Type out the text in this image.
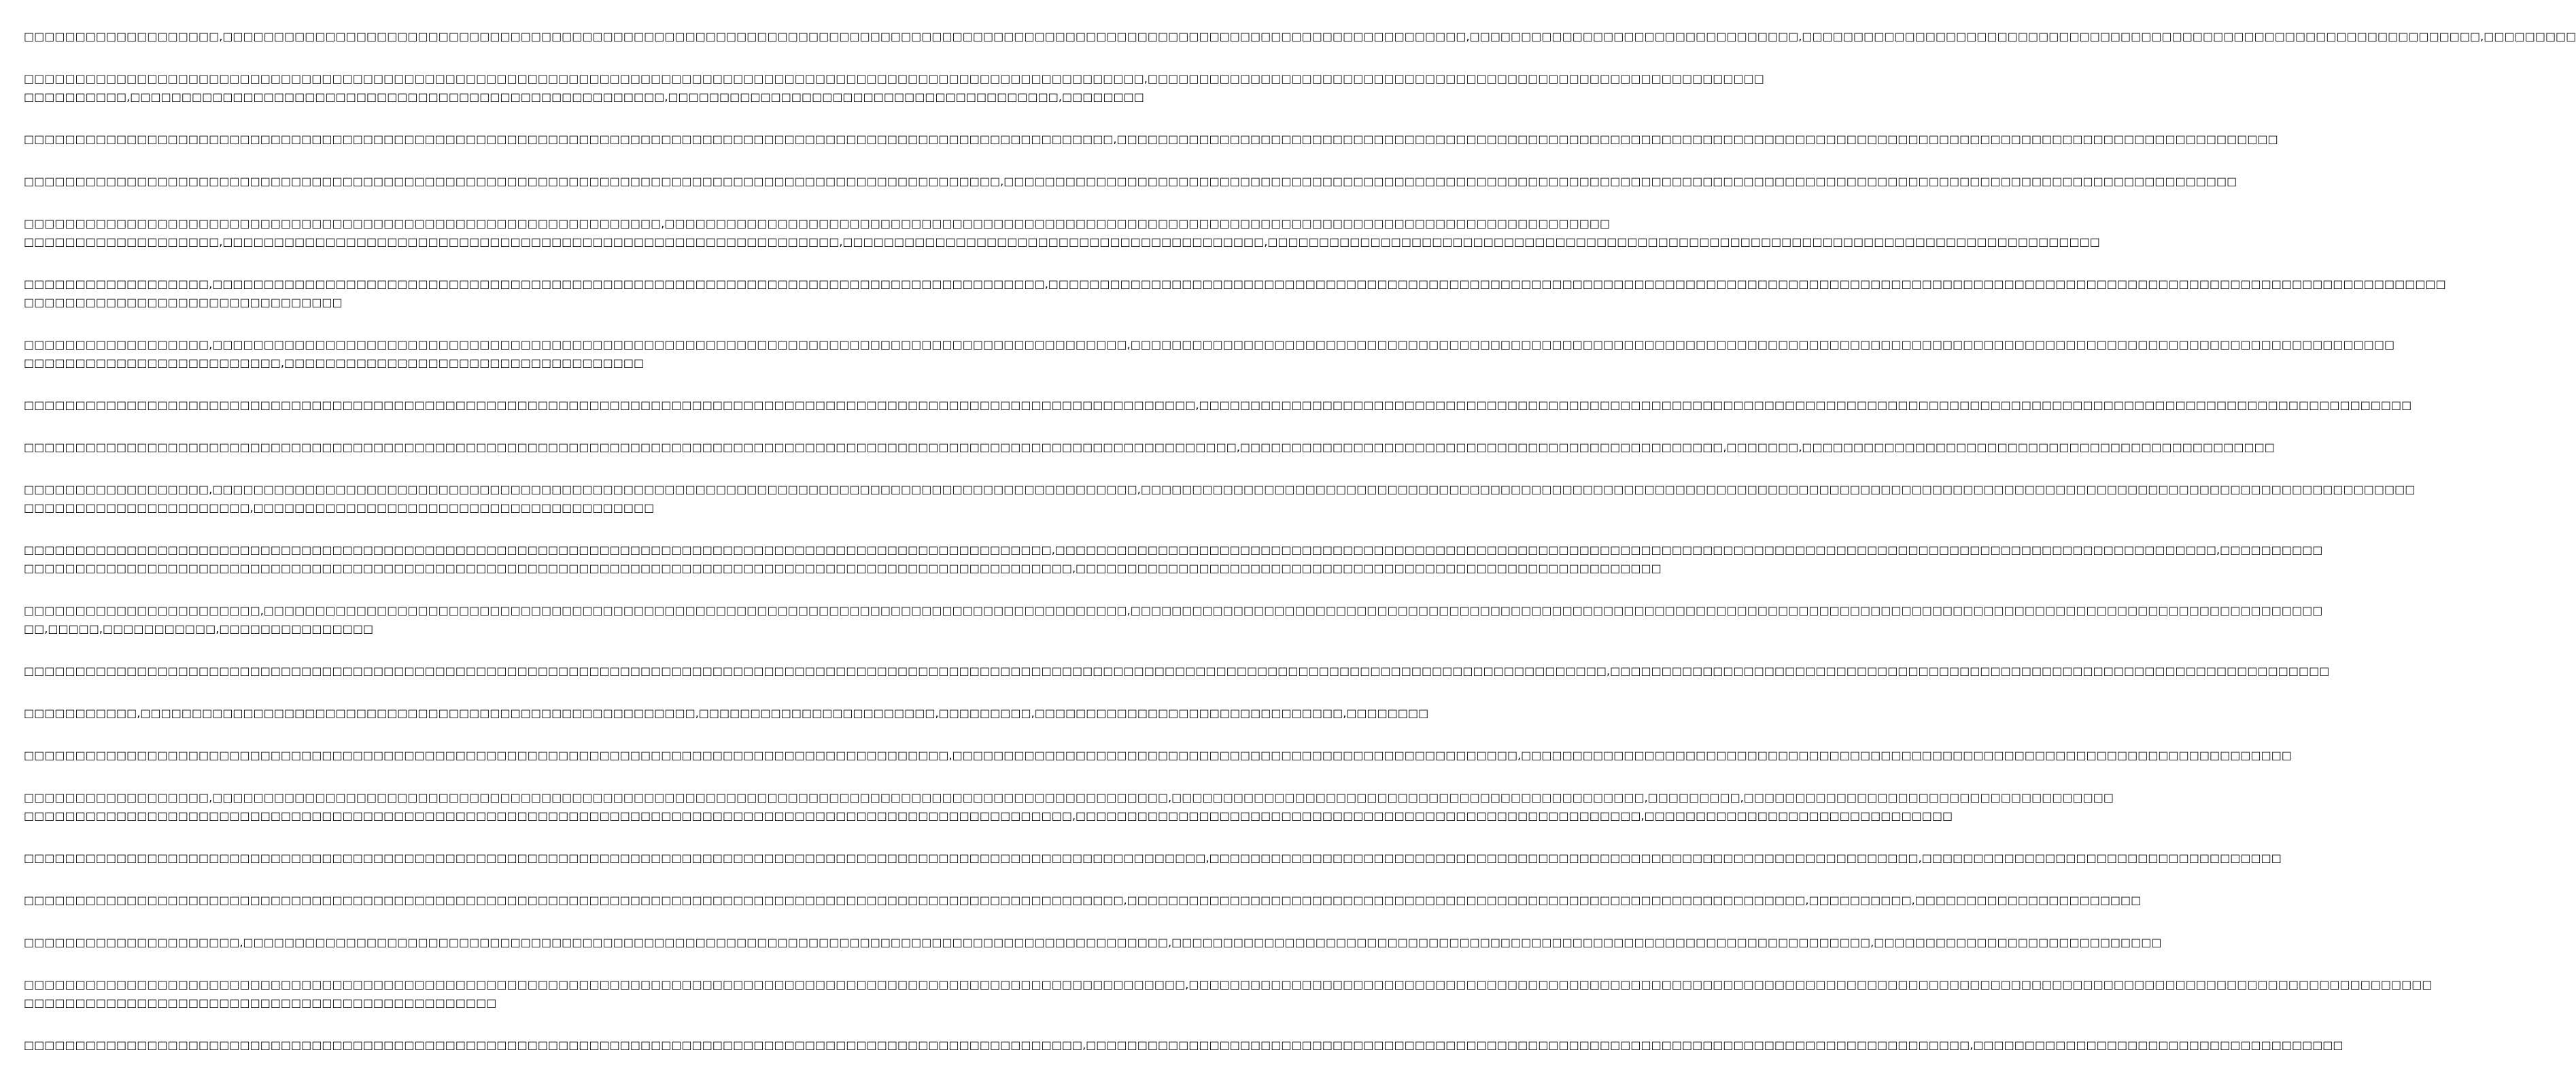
□□□□□□□□□□□□□□□□□□□,□□□□□□□□□□□□□□□□□□□□□□□□□□□□□□□□□□□□□□□□□□□□□□□□□□□□□□□□□□□□□□□□□□□□□□□□□□□□□□□□□□□□□□□□□□□□□□□□□□□□□□□□□□□□□□□□□□□□□□□□□,□□□□□□□□□□□□□□□□□□□□□□□□□□□□□□□□,□□□□□□□□□□□□□□□□□□□□□□□□□□□□□□□□□□□□□□□□□□□□□□□□□□□□□□□□□□□□□□□□□□,□□□□□□□□□

□□□□□□□□□□□□□□□□□□□□□□□□□□□□□□□□□□□□□□□□□□□□□□□□□□□□□□□□□□□□□□□□□□□□□□□□□□□□□□□□□□□□□□□□□□□□□□□□□□□□□□□□□□□□□,□□□□□□□□□□□□□□□□□□□□□□□□□□□□□□□□□□□□□□□□□□□□□□□□□□□□□□□□□□□□
□□□□□□□□□□,□□□□□□□□□□□□□□□□□□□□□□□□□□□□□□□□□□□□□□□□□□□□□□□□□□□□,□□□□□□□□□□□□□□□□□□□□□□□□□□□□□□□□□□□□□□,□□□□□□□□

□□□□□□□□□□□□□□□□□□□□□□□□□□□□□□□□□□□□□□□□□□□□□□□□□□□□□□□□□□□□□□□□□□□□□□□□□□□□□□□□□□□□□□□□□□□□□□□□□□□□□□□□□□,□□□□□□□□□□□□□□□□□□□□□□□□□□□□□□□□□□□□□□□□□□□□□□□□□□□□□□□□□□□□□□□□□□□□□□□□□□□□□□□□□□□□□□□□□□□□□□□□□□□□□□□□□□□□□□□□□

□□□□□□□□□□□□□□□□□□□□□□□□□□□□□□□□□□□□□□□□□□□□□□□□□□□□□□□□□□□□□□□□□□□□□□□□□□□□□□□□□□□□□□□□□□□□□□□,□□□□□□□□□□□□□□□□□□□□□□□□□□□□□□□□□□□□□□□□□□□□□□□□□□□□□□□□□□□□□□□□□□□□□□□□□□□□□□□□□□□□□□□□□□□□□□□□□□□□□□□□□□□□□□□□□□□□□□□□

□□□□□□□□□□□□□□□□□□□□□□□□□□□□□□□□□□□□□□□□□□□□□□□□□□□□□□□□□□□□□□,□□□□□□□□□□□□□□□□□□□□□□□□□□□□□□□□□□□□□□□□□□□□□□□□□□□□□□□□□□□□□□□□□□□□□□□□□□□□□□□□□□□□□□□□□□□□
□□□□□□□□□□□□□□□□□□□,□□□□□□□□□□□□□□□□□□□□□□□□□□□□□□□□□□□□□□□□□□□□□□□□□□□□□□□□□□□□,□□□□□□□□□□□□□□□□□□□□□□□□□□□□□□□□□□□□□□□□□,□□□□□□□□□□□□□□□□□□□□□□□□□□□□□□□□□□□□□□□□□□□□□□□□□□□□□□□□□□□□□□□□□□□□□□□□□□□□□□□□□

□□□□□□□□□□□□□□□□□□,□□□□□□□□□□□□□□□□□□□□□□□□□□□□□□□□□□□□□□□□□□□□□□□□□□□□□□□□□□□□□□□□□□□□□□□□□□□□□□□□□,□□□□□□□□□□□□□□□□□□□□□□□□□□□□□□□□□□□□□□□□□□□□□□□□□□□□□□□□□□□□□□□□□□□□□□□□□□□□□□□□□□□□□□□□□□□□□□□□□□□□□□□□□□□□□□□□□□□□□□□□□□□□□□□□□□□□□□□□
□□□□□□□□□□□□□□□□□□□□□□□□□□□□□□□

□□□□□□□□□□□□□□□□□□,□□□□□□□□□□□□□□□□□□□□□□□□□□□□□□□□□□□□□□□□□□□□□□□□□□□□□□□□□□□□□□□□□□□□□□□□□□□□□□□□□□□□□□□□□,□□□□□□□□□□□□□□□□□□□□□□□□□□□□□□□□□□□□□□□□□□□□□□□□□□□□□□□□□□□□□□□□□□□□□□□□□□□□□□□□□□□□□□□□□□□□□□□□□□□□□□□□□□□□□□□□□□□□□□□□□□□
□□□□□□□□□□□□□□□□□□□□□□□□□,□□□□□□□□□□□□□□□□□□□□□□□□□□□□□□□□□□□

□□□□□□□□□□□□□□□□□□□□□□□□□□□□□□□□□□□□□□□□□□□□□□□□□□□□□□□□□□□□□□□□□□□□□□□□□□□□□□□□□□□□□□□□□□□□□□□□□□□□□□□□□□□□□□□□□□,□□□□□□□□□□□□□□□□□□□□□□□□□□□□□□□□□□□□□□□□□□□□□□□□□□□□□□□□□□□□□□□□□□□□□□□□□□□□□□□□□□□□□□□□□□□□□□□□□□□□□□□□□□□□□□□□□□□□□□

□□□□□□□□□□□□□□□□□□□□□□□□□□□□□□□□□□□□□□□□□□□□□□□□□□□□□□□□□□□□□□□□□□□□□□□□□□□□□□□□□□□□□□□□□□□□□□□□□□□□□□□□□□□□□□□□□□□□□□,□□□□□□□□□□□□□□□□□□□□□□□□□□□□□□□□□□□□□□□□□□□□□□□,□□□□□□□,□□□□□□□□□□□□□□□□□□□□□□□□□□□□□□□□□□□□□□□□□□□□□□

□□□□□□□□□□□□□□□□□□,□□□□□□□□□□□□□□□□□□□□□□□□□□□□□□□□□□□□□□□□□□□□□□□□□□□□□□□□□□□□□□□□□□□□□□□□□□□□□□□□□□□□□□□□□□,□□□□□□□□□□□□□□□□□□□□□□□□□□□□□□□□□□□□□□□□□□□□□□□□□□□□□□□□□□□□□□□□□□□□□□□□□□□□□□□□□□□□□□□□□□□□□□□□□□□□□□□□□□□□□□□□□□□□□□□□□□□□
□□□□□□□□□□□□□□□□□□□□□□,□□□□□□□□□□□□□□□□□□□□□□□□□□□□□□□□□□□□□□□

□□□□□□□□□□□□□□□□□□□□□□□□□□□□□□□□□□□□□□□□□□□□□□□□□□□□□□□□□□□□□□□□□□□□□□□□□□□□□□□□□□□□□□□□□□□□□□□□□□□□,□□□□□□□□□□□□□□□□□□□□□□□□□□□□□□□□□□□□□□□□□□□□□□□□□□□□□□□□□□□□□□□□□□□□□□□□□□□□□□□□□□□□□□□□□□□□□□□□□□□□□□□□□□□□□□□□□,□□□□□□□□□□
□□□□□□□□□□□□□□□□□□□□□□□□□□□□□□□□□□□□□□□□□□□□□□□□□□□□□□□□□□□□□□□□□□□□□□□□□□□□□□□□□□□□□□□□□□□□□□□□□□□□□□,□□□□□□□□□□□□□□□□□□□□□□□□□□□□□□□□□□□□□□□□□□□□□□□□□□□□□□□□□

□□□□□□□□□□□□□□□□□□□□□□□,□□□□□□□□□□□□□□□□□□□□□□□□□□□□□□□□□□□□□□□□□□□□□□□□□□□□□□□□□□□□□□□□□□□□□□□□□□□□□□□□□□□□,□□□□□□□□□□□□□□□□□□□□□□□□□□□□□□□□□□□□□□□□□□□□□□□□□□□□□□□□□□□□□□□□□□□□□□□□□□□□□□□□□□□□□□□□□□□□□□□□□□□□□□□□□□□□□□□□□□□□
□□,□□□□□,□□□□□□□□□□□,□□□□□□□□□□□□□□□

□□□□□□□□□□□□□□□□□□□□□□□□□□□□□□□□□□□□□□□□□□□□□□□□□□□□□□□□□□□□□□□□□□□□□□□□□□□□□□□□□□□□□□□□□□□□□□□□□□□□□□□□□□□□□□□□□□□□□□□□□□□□□□□□□□□□□□□□□□□□□□□□□□□□□□□□□□,□□□□□□□□□□□□□□□□□□□□□□□□□□□□□□□□□□□□□□□□□□□□□□□□□□□□□□□□□□□□□□□□□□□□□□

□□□□□□□□□□□,□□□□□□□□□□□□□□□□□□□□□□□□□□□□□□□□□□□□□□□□□□□□□□□□□□□□□□,□□□□□□□□□□□□□□□□□□□□□□□,□□□□□□□□□,□□□□□□□□□□□□□□□□□□□□□□□□□□□□□□,□□□□□□□□

□□□□□□□□□□□□□□□□□□□□□□□□□□□□□□□□□□□□□□□□□□□□□□□□□□□□□□□□□□□□□□□□□□□□□□□□□□□□□□□□□□□□□□□□□□,□□□□□□□□□□□□□□□□□□□□□□□□□□□□□□□□□□□□□□□□□□□□□□□□□□□□□□□,□□□□□□□□□□□□□□□□□□□□□□□□□□□□□□□□□□□□□□□□□□□□□□□□□□□□□□□□□□□□□□□□□□□□□□□□□□□

□□□□□□□□□□□□□□□□□□,□□□□□□□□□□□□□□□□□□□□□□□□□□□□□□□□□□□□□□□□□□□□□□□□□□□□□□□□□□□□□□□□□□□□□□□□□□□□□□□□□□□□□□□□□□□□□,□□□□□□□□□□□□□□□□□□□□□□□□□□□□□□□□□□□□□□□□□□□□□□,□□□□□□□□□,□□□□□□□□□□□□□□□□□□□□□□□□□□□□□□□□□□□□
□□□□□□□□□□□□□□□□□□□□□□□□□□□□□□□□□□□□□□□□□□□□□□□□□□□□□□□□□□□□□□□□□□□□□□□□□□□□□□□□□□□□□□□□□□□□□□□□□□□□□□,□□□□□□□□□□□□□□□□□□□□□□□□□□□□□□□□□□□□□□□□□□□□□□□□□□□□□□□,□□□□□□□□□□□□□□□□□□□□□□□□□□□□□□

□□□□□□□□□□□□□□□□□□□□□□□□□□□□□□□□□□□□□□□□□□□□□□□□□□□□□□□□□□□□□□□□□□□□□□□□□□□□□□□□□□□□□□□□□□□□□□□□□□□□□□□□□□□□□□□□□□□,□□□□□□□□□□□□□□□□□□□□□□□□□□□□□□□□□□□□□□□□□□□□□□□□□□□□□□□□□□□□□□□□□□□□□,□□□□□□□□□□□□□□□□□□□□□□□□□□□□□□□□□□□

□□□□□□□□□□□□□□□□□□□□□□□□□□□□□□□□□□□□□□□□□□□□□□□□□□□□□□□□□□□□□□□□□□□□□□□□□□□□□□□□□□□□□□□□□□□□□□□□□□□□□□□□□□□,□□□□□□□□□□□□□□□□□□□□□□□□□□□□□□□□□□□□□□□□□□□□□□□□□□□□□□□□□□□□□□□□□□,□□□□□□□□□□,□□□□□□□□□□□□□□□□□□□□□□

□□□□□□□□□□□□□□□□□□□□□,□□□□□□□□□□□□□□□□□□□□□□□□□□□□□□□□□□□□□□□□□□□□□□□□□□□□□□□□□□□□□□□□□□□□□□□□□□□□□□□□□□□□□□□□□□,□□□□□□□□□□□□□□□□□□□□□□□□□□□□□□□□□□□□□□□□□□□□□□□□□□□□□□□□□□□□□□□□□□□□,□□□□□□□□□□□□□□□□□□□□□□□□□□□□

□□□□□□□□□□□□□□□□□□□□□□□□□□□□□□□□□□□□□□□□□□□□□□□□□□□□□□□□□□□□□□□□□□□□□□□□□□□□□□□□□□□□□□□□□□□□□□□□□□□□□□□□□□□□□□□□□,□□□□□□□□□□□□□□□□□□□□□□□□□□□□□□□□□□□□□□□□□□□□□□□□□□□□□□□□□□□□□□□□□□□□□□□□□□□□□□□□□□□□□□□□□□□□□□□□□□□□□□□□□□□□□□□□□□□□□□□□□
□□□□□□□□□□□□□□□□□□□□□□□□□□□□□□□□□□□□□□□□□□□□□□

□□□□□□□□□□□□□□□□□□□□□□□□□□□□□□□□□□□□□□□□□□□□□□□□□□□□□□□□□□□□□□□□□□□□□□□□□□□□□□□□□□□□□□□□□□□□□□□□□□□□□□□,□□□□□□□□□□□□□□□□□□□□□□□□□□□□□□□□□□□□□□□□□□□□□□□□□□□□□□□□□□□□□□□□□□□□□□□□□□□□□□□□□□□□□□,□□□□□□□□□□□□□□□□□□□□□□□□□□□□□□□□□□□□
